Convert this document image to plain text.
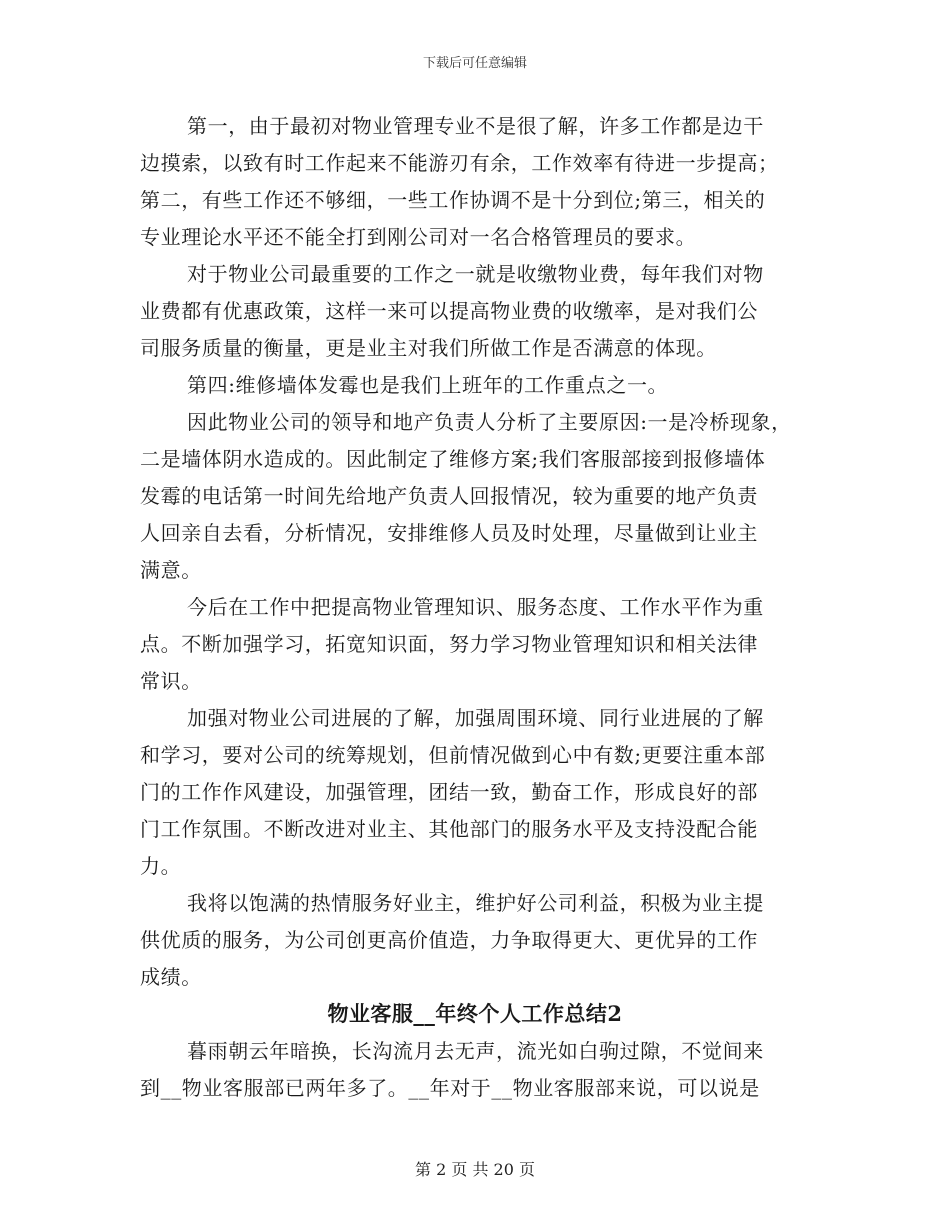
下载后可任意编辑
第一，由于最初对物业管理专业不是很了解，许多工作都是边干
边摸索，以致有时工作起来不能游刃有余，工作效率有待进一步提高；
第二，有些工作还不够细，一些工作协调不是十分到位;第三，相关的
专业理论水平还不能全打到刚公司对一名合格管理员的要求。
对于物业公司最重要的工作之一就是收缴物业费，每年我们对物
业费都有优惠政策，这样一来可以提高物业费的收缴率，是对我们公
司服务质量的衡量，更是业主对我们所做工作是否满意的体现。
第四:维修墙体发霉也是我们上班年的工作重点之一。
因此物业公司的领导和地产负责人分析了主要原因:一是冷桥现象，
二是墙体阴水造成的。因此制定了维修方案;我们客服部接到报修墙体
发霉的电话第一时间先给地产负责人回报情况，较为重要的地产负责
人回亲自去看，分析情况，安排维修人员及时处理，尽量做到让业主
满意。
今后在工作中把提高物业管理知识、服务态度、工作水平作为重
点。不断加强学习，拓宽知识面，努力学习物业管理知识和相关法律
常识。
加强对物业公司进展的了解，加强周围环境、同行业进展的了解
和学习，要对公司的统筹规划，但前情况做到心中有数;更要注重本部
门的工作作风建设，加强管理，团结一致，勤奋工作，形成良好的部
门工作氛围。不断改进对业主、其他部门的服务水平及支持没配合能
力。
我将以饱满的热情服务好业主，维护好公司利益，积极为业主提
供优质的服务，为公司创更高价值造，力争取得更大、更优异的工作
成绩。
物业客服__年终个人工作总结2
暮雨朝云年暗换，长沟流月去无声，流光如白驹过隙，不觉间来
到__物业客服部已两年多了。__年对于__物业客服部来说，可以说是
第 2 页 共 20 页
